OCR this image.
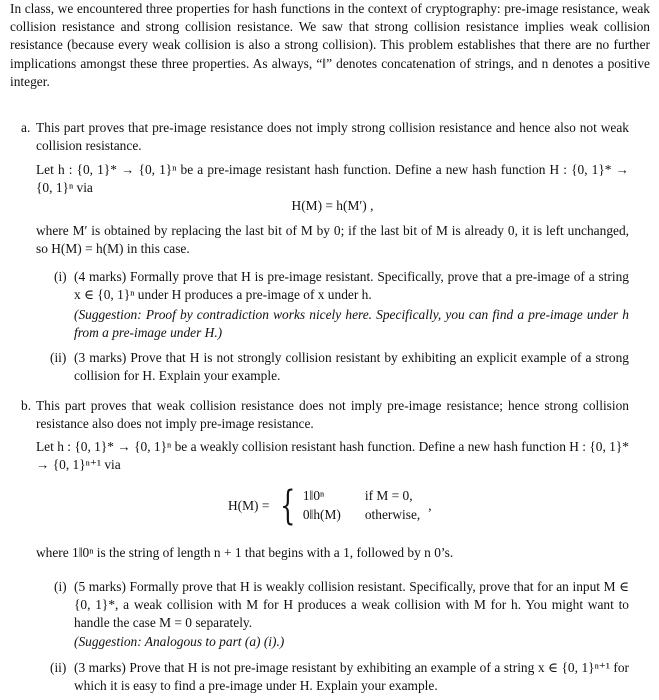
In class, we encountered three properties for hash functions in the context of cryptography: pre-image resistance, weak collision resistance and strong collision resistance. We saw that strong collision resistance implies weak collision resistance (because every weak collision is also a strong collision). This problem establishes that there are no further implications amongst these three properties. As always, “‖” denotes concatenation of strings, and n denotes a positive integer.

a. This part proves that pre-image resistance does not imply strong collision resistance and hence also not weak collision resistance.

Let h : {0, 1}* → {0, 1}ⁿ be a pre-image resistant hash function. Define a new hash function H : {0, 1}* → {0, 1}ⁿ via

H(M) = h(M′) ,

where M′ is obtained by replacing the last bit of M by 0; if the last bit of M is already 0, it is left unchanged, so H(M) = h(M) in this case.

(i) (4 marks) Formally prove that H is pre-image resistant. Specifically, prove that a pre-image of a string x ∈ {0, 1}ⁿ under H produces a pre-image of x under h.

(Suggestion: Proof by contradiction works nicely here. Specifically, you can find a pre-image under h from a pre-image under H.)

(ii) (3 marks) Prove that H is not strongly collision resistant by exhibiting an explicit example of a strong collision for H. Explain your example.

b. This part proves that weak collision resistance does not imply pre-image resistance; hence strong collision resistance also does not imply pre-image resistance.

Let h : {0, 1}* → {0, 1}ⁿ be a weakly collision resistant hash function. Define a new hash function H : {0, 1}* → {0, 1}ⁿ⁺¹ via

H(M) = { 1‖0ⁿ	if M = 0,
0‖h(M)	otherwise,
,

where 1‖0ⁿ is the string of length n + 1 that begins with a 1, followed by n 0’s.

(i) (5 marks) Formally prove that H is weakly collision resistant. Specifically, prove that for an input M ∈ {0, 1}*, a weak collision with M for H produces a weak collision with M for h. You might want to handle the case M = 0 separately.

(Suggestion: Analogous to part (a) (i).)

(ii) (3 marks) Prove that H is not pre-image resistant by exhibiting an example of a string x ∈ {0, 1}ⁿ⁺¹ for which it is easy to find a pre-image under H. Explain your example.
